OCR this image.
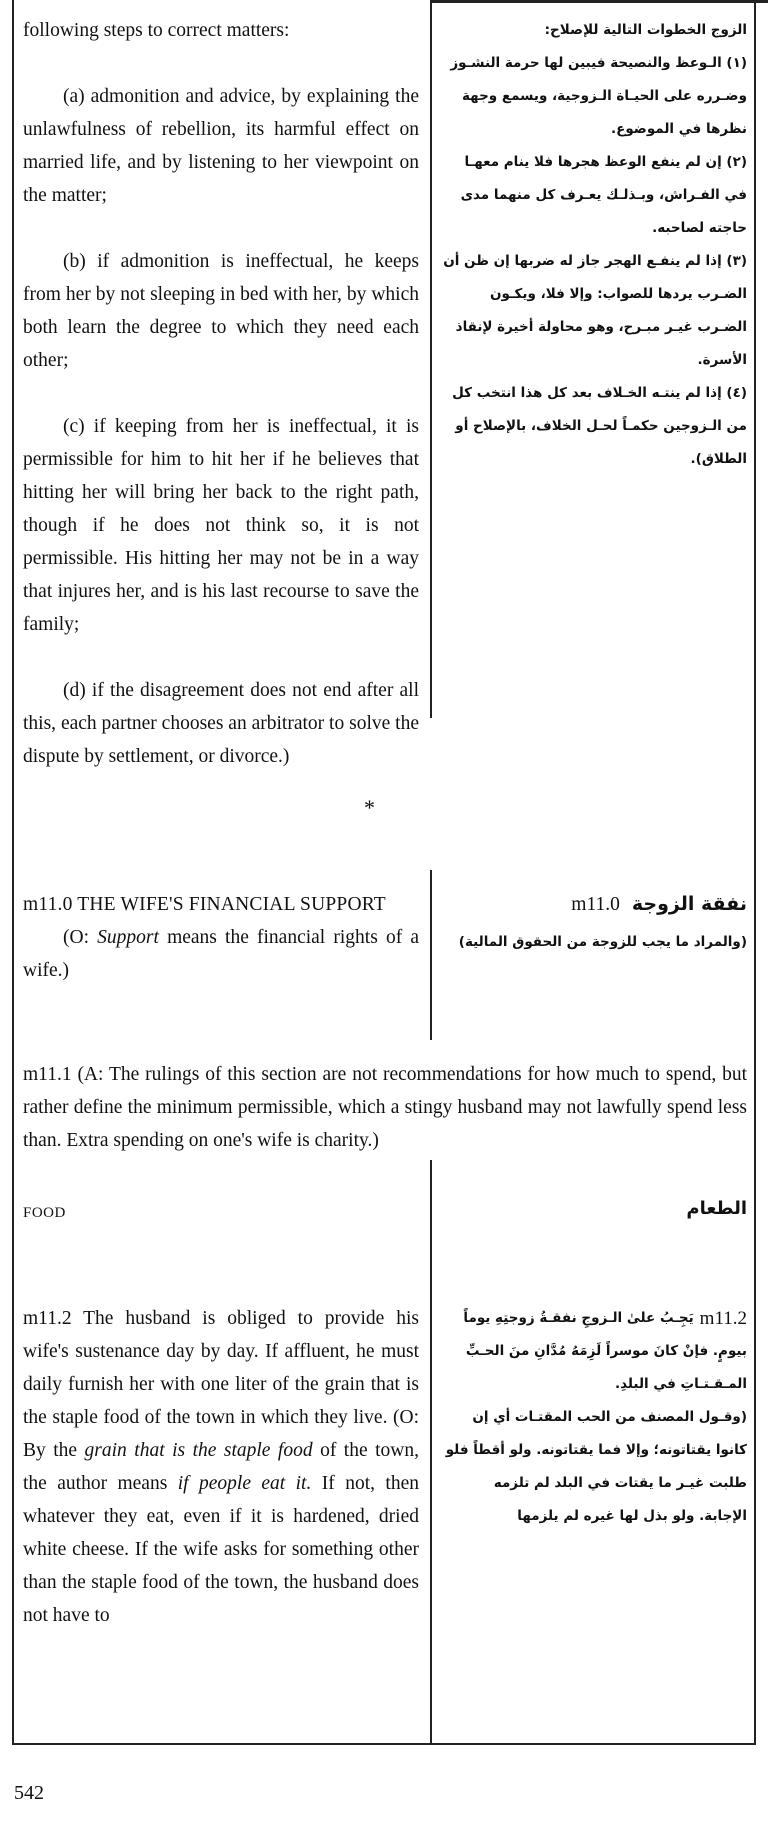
following steps to correct matters:

(a) admonition and advice, by explaining the unlawfulness of rebellion, its harmful effect on married life, and by listening to her viewpoint on the matter;

(b) if admonition is ineffectual, he keeps from her by not sleeping in bed with her, by which both learn the degree to which they need each other;

(c) if keeping from her is ineffectual, it is permissible for him to hit her if he believes that hitting her will bring her back to the right path, though if he does not think so, it is not permissible. His hitting her may not be in a way that injures her, and is his last recourse to save the family;

(d) if the disagreement does not end after all this, each partner chooses an arbitrator to solve the dispute by settlement, or divorce.)

الزوج الخطوات التالية للإصلاح:

(١) الـوعظ والنصيحة فيبين لها حرمة النشـوز وضـرره على الحيـاة الـزوجية، ويسمع وجهة نظرها في الموضوع.

(٢) إن لم ينفع الوعظ هجرها فلا ينام معهـا في الفـراش، وبـذلـك يعـرف كل منهما مدى حاجته لصاحبه.

(٣) إذا لم ينفـع الهجر جاز له ضربها إن ظن أن الضـرب يردها للصواب: وإلا فلا، ويكـون الضـرب غيـر مبـرح، وهو محاولة أخيرة لإنقاذ الأسرة.

(٤) إذا لم ينتـه الخـلاف بعد كل هذا انتخب كل من الـزوجين حكمـاً لحـل الخلاف، بالإصلاح أو الطلاق).

*

m11.0 THE WIFE'S FINANCIAL SUPPORT

(O: Support means the financial rights of a wife.)

نفقة الزوجة m11.0

(والمراد ما يجب للزوجة من الحقوق المالية)

m11.1 (A: The rulings of this section are not recommendations for how much to spend, but rather define the minimum permissible, which a stingy husband may not lawfully spend less than. Extra spending on one's wife is charity.)

FOOD	الطعام

m11.2 The husband is obliged to provide his wife's sustenance day by day. If affluent, he must daily furnish her with one liter of the grain that is the staple food of the town in which they live. (O: By the grain that is the staple food of the town, the author means if people eat it. If not, then whatever they eat, even if it is hardened, dried white cheese. If the wife asks for something other than the staple food of the town, the husband does not have to

m11.2
يَجِـبُ علىٰ الـزوجِ نفقـةُ زوجتِهِ يوماً بيومٍ. فإنْ كانَ موسراً لَزِمَهُ مُدَّانِ منَ الحـبِّ المـقـتـاتِ في البلدِ.

(وقـول المصنف من الحب المقتـات أي إن كانوا يقتاتونه؛ وإلا فما يقتاتونه. ولو أقطاً فلو طلبت غيـر ما يقتات في البلد لم تلزمه الإجابة. ولو بذل لها غيره لم يلزمها

542
